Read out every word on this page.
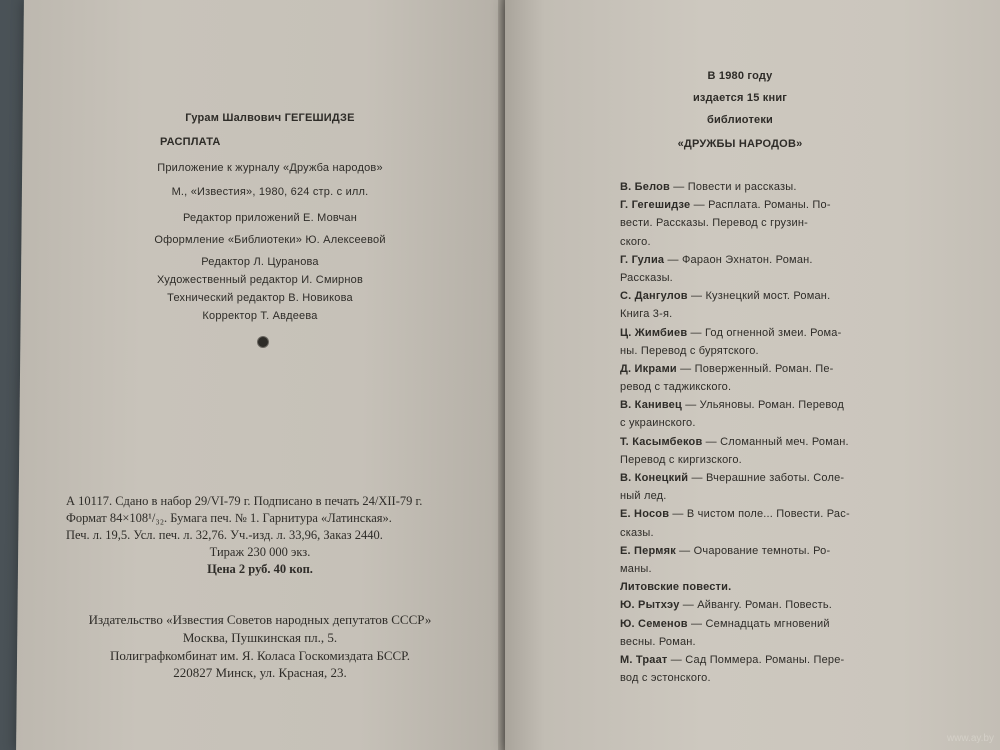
Гурам Шалвович ГЕГЕШИДЗЕ
РАСПЛАТА
Приложение к журналу «Дружба народов»
М., «Известия», 1980, 624 стр. с илл.
Редактор приложений Е. Мовчан
Оформление «Библиотеки» Ю. Алексеевой
Редактор Л. Цуранова
Художественный редактор И. Смирнов
Технический редактор В. Новикова
Корректор Т. Авдеева
А 10117. Сдано в набор 29/VI-79 г. Подписано в печать 24/XII-79 г.
Формат 84×108¹/₃₂. Бумага печ. № 1. Гарнитура «Латинская».
Печ. л. 19,5. Усл. печ. л. 32,76. Уч.-изд. л. 33,96, Заказ 2440.
Тираж 230 000 экз.
Цена 2 руб. 40 коп.
Издательство «Известия Советов народных депутатов СССР»
Москва, Пушкинская пл., 5.
Полиграфкомбинат им. Я. Коласа Госкомиздата БССР.
220827 Минск, ул. Красная, 23.
В 1980 году
издается 15 книг
библиотеки
«ДРУЖБЫ НАРОДОВ»
В. Белов — Повести и рассказы.
Г. Гегешидзе — Расплата. Романы. По-
вести. Рассказы. Перевод с грузин-
ского.
Г. Гулиа — Фараон Эхнатон. Роман.
Рассказы.
С. Дангулов — Кузнецкий мост. Роман.
Книга 3-я.
Ц. Жимбиев — Год огненной змеи. Рома-
ны. Перевод с бурятского.
Д. Икрами — Поверженный. Роман. Пе-
ревод с таджикского.
В. Канивец — Ульяновы. Роман. Перевод
с украинского.
Т. Касымбеков — Сломанный меч. Роман.
Перевод с киргизского.
В. Конецкий — Вчерашние заботы. Соле-
ный лед.
Е. Носов — В чистом поле... Повести. Рас-
сказы.
Е. Пермяк — Очарование темноты. Ро-
маны.
Литовские повести.
Ю. Рытхэу — Айвангу. Роман. Повесть.
Ю. Семенов — Семнадцать мгновений
весны. Роман.
М. Траат — Сад Поммера. Романы. Пере-
вод с эстонского.
www.ay.by
